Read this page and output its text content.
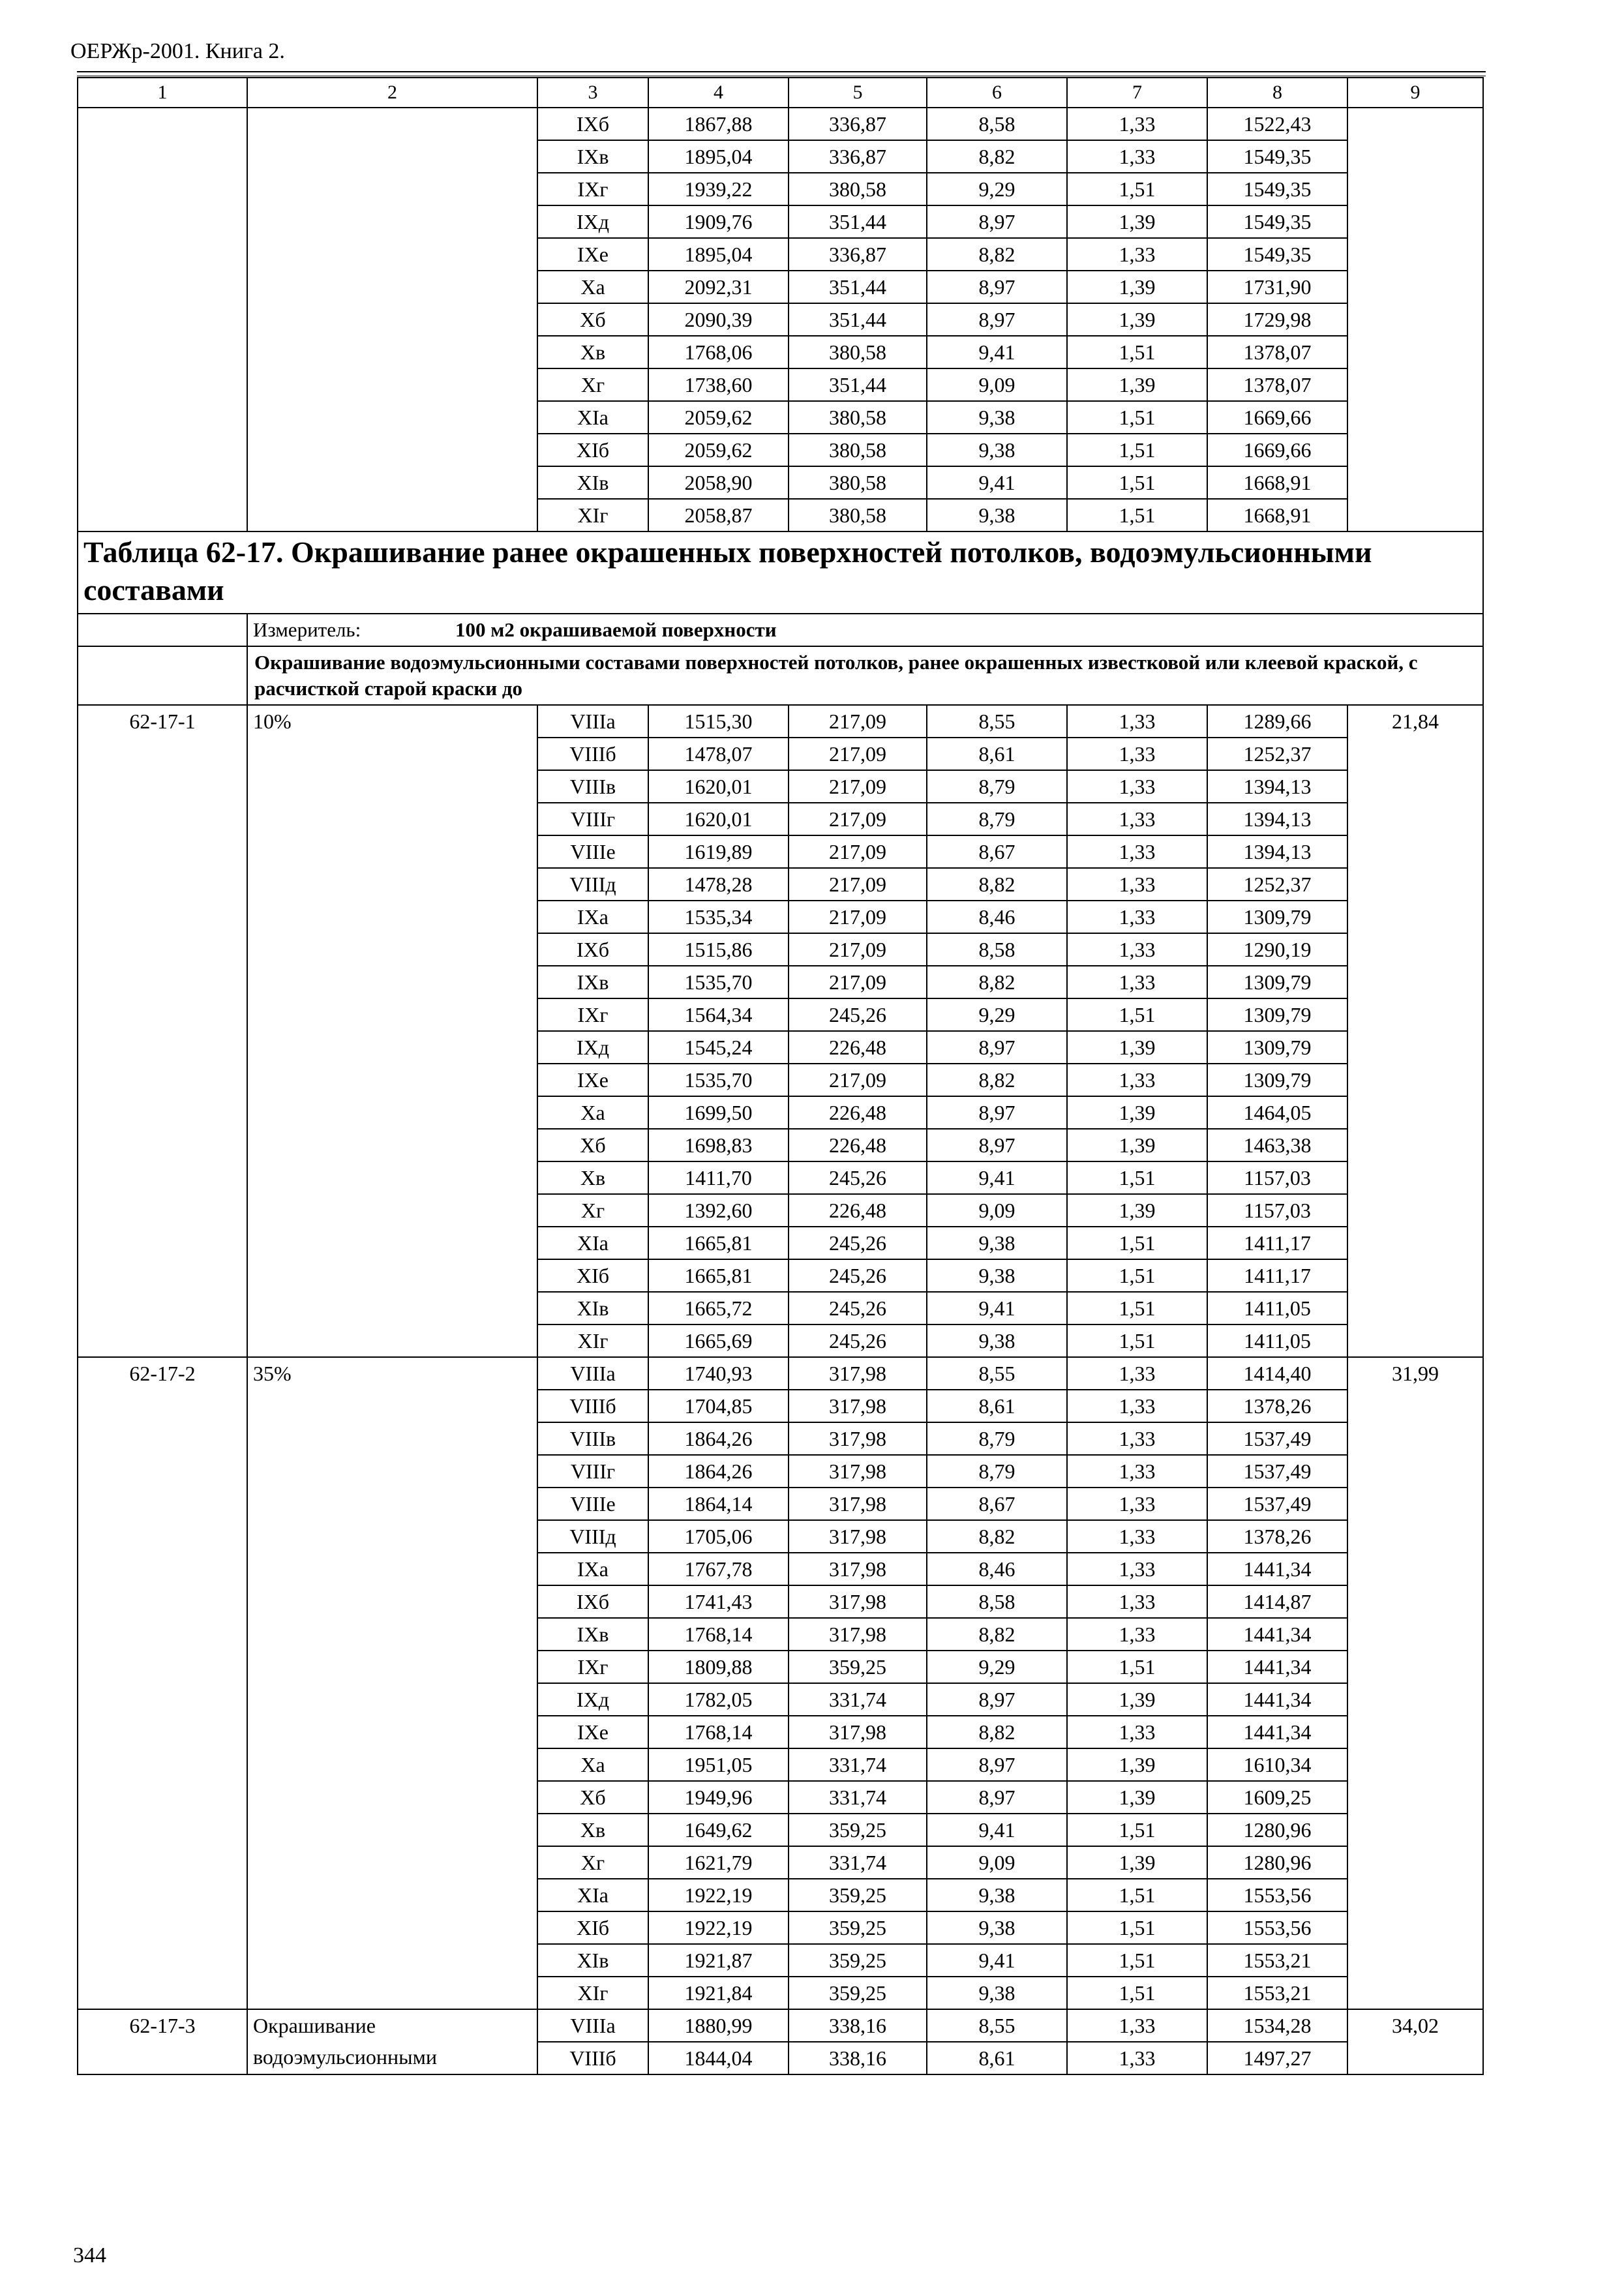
ОЕРЖр-2001. Книга 2.
1	2	3	4	5	6	7	8	9
		IXб	1867,88	336,87	8,58	1,33	1522,43	
		IXв	1895,04	336,87	8,82	1,33	1549,35	
		IXг	1939,22	380,58	9,29	1,51	1549,35	
		IXд	1909,76	351,44	8,97	1,39	1549,35	
		IXе	1895,04	336,87	8,82	1,33	1549,35	
		Xа	2092,31	351,44	8,97	1,39	1731,90	
		Xб	2090,39	351,44	8,97	1,39	1729,98	
		Xв	1768,06	380,58	9,41	1,51	1378,07	
		Xг	1738,60	351,44	9,09	1,39	1378,07	
		XIа	2059,62	380,58	9,38	1,51	1669,66	
		XIб	2059,62	380,58	9,38	1,51	1669,66	
		XIв	2058,90	380,58	9,41	1,51	1668,91	
		XIг	2058,87	380,58	9,38	1,51	1668,91	
Таблица 62-17. Окрашивание ранее окрашенных поверхностей потолков, водоэмульсионными составами								
	Измеритель: 100 м2 окрашиваемой поверхности							
	Окрашивание водоэмульсионными составами поверхностей потолков, ранее окрашенных известковой или клеевой краской, с расчисткой старой краски до							
62-17-1	10%	VIIIа	1515,30	217,09	8,55	1,33	1289,66	21,84
		VIIIб	1478,07	217,09	8,61	1,33	1252,37	
		VIIIв	1620,01	217,09	8,79	1,33	1394,13	
		VIIIг	1620,01	217,09	8,79	1,33	1394,13	
		VIIIе	1619,89	217,09	8,67	1,33	1394,13	
		VIIIд	1478,28	217,09	8,82	1,33	1252,37	
		IXа	1535,34	217,09	8,46	1,33	1309,79	
		IXб	1515,86	217,09	8,58	1,33	1290,19	
		IXв	1535,70	217,09	8,82	1,33	1309,79	
		IXг	1564,34	245,26	9,29	1,51	1309,79	
		IXд	1545,24	226,48	8,97	1,39	1309,79	
		IXе	1535,70	217,09	8,82	1,33	1309,79	
		Xа	1699,50	226,48	8,97	1,39	1464,05	
		Xб	1698,83	226,48	8,97	1,39	1463,38	
		Xв	1411,70	245,26	9,41	1,51	1157,03	
		Xг	1392,60	226,48	9,09	1,39	1157,03	
		XIа	1665,81	245,26	9,38	1,51	1411,17	
		XIб	1665,81	245,26	9,38	1,51	1411,17	
		XIв	1665,72	245,26	9,41	1,51	1411,05	
		XIг	1665,69	245,26	9,38	1,51	1411,05	
62-17-2	35%	VIIIа	1740,93	317,98	8,55	1,33	1414,40	31,99
		VIIIб	1704,85	317,98	8,61	1,33	1378,26	
		VIIIв	1864,26	317,98	8,79	1,33	1537,49	
		VIIIг	1864,26	317,98	8,79	1,33	1537,49	
		VIIIе	1864,14	317,98	8,67	1,33	1537,49	
		VIIIд	1705,06	317,98	8,82	1,33	1378,26	
		IXа	1767,78	317,98	8,46	1,33	1441,34	
		IXб	1741,43	317,98	8,58	1,33	1414,87	
		IXв	1768,14	317,98	8,82	1,33	1441,34	
		IXг	1809,88	359,25	9,29	1,51	1441,34	
		IXд	1782,05	331,74	8,97	1,39	1441,34	
		IXе	1768,14	317,98	8,82	1,33	1441,34	
		Xа	1951,05	331,74	8,97	1,39	1610,34	
		Xб	1949,96	331,74	8,97	1,39	1609,25	
		Xв	1649,62	359,25	9,41	1,51	1280,96	
		Xг	1621,79	331,74	9,09	1,39	1280,96	
		XIа	1922,19	359,25	9,38	1,51	1553,56	
		XIб	1922,19	359,25	9,38	1,51	1553,56	
		XIв	1921,87	359,25	9,41	1,51	1553,21	
		XIг	1921,84	359,25	9,38	1,51	1553,21	
62-17-3	Окрашивание водоэмульсионными	VIIIа	1880,99	338,16	8,55	1,33	1534,28	34,02
		VIIIб	1844,04	338,16	8,61	1,33	1497,27	
344
